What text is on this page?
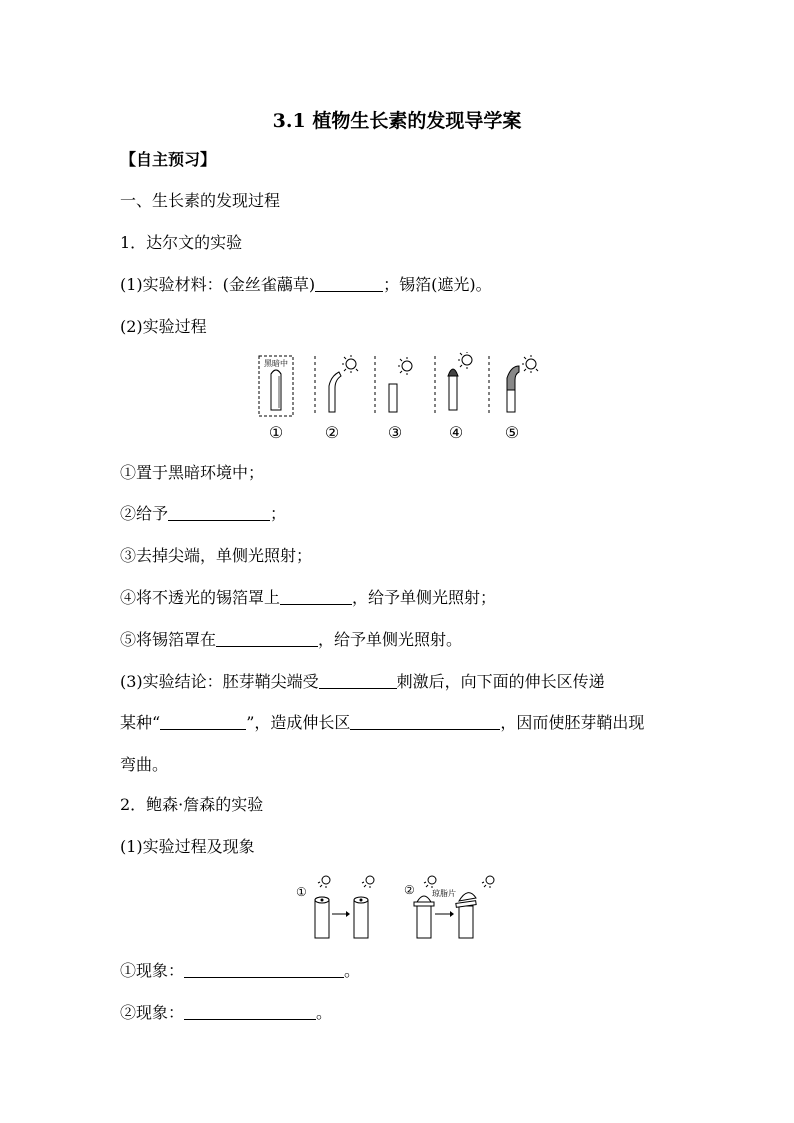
3.1 植物生长素的发现导学案
【自主预习】
一、生长素的发现过程
1．达尔文的实验
(1)实验材料：(金丝雀虉草)	；锡箔(遮光)。
(2)实验过程
黑暗中
①	②	③	④	⑤
①置于黑暗环境中；
②给予	；
③去掉尖端，单侧光照射；
④将不透光的锡箔罩上	，给予单侧光照射；
⑤将锡箔罩在	，给予单侧光照射。
(3)实验结论：胚芽鞘尖端受	刺激后，向下面的伸长区传递
某种“	”，造成伸长区	，因而使胚芽鞘出现
弯曲。
2．鲍森·詹森的实验
(1)实验过程及现象
①	② 琼脂片
①现象：	。
②现象：	。
